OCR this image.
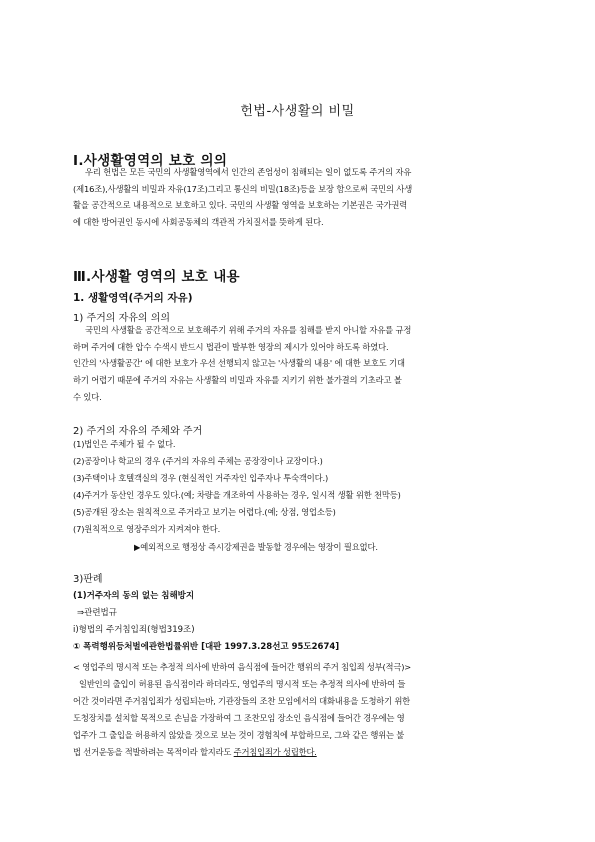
헌법-사생활의 비밀
Ⅰ.사생활영역의 보호 의의
우리 헌법은 모든 국민의 사생활영역에서 인간의 존엄성이 침해되는 일이 없도록 주거의 자유
(제16조),사생활의 비밀과 자유(17조)그리고 통신의 비밀(18조)등을 보장 함으로써 국민의 사생
활을 공간적으로 내용적으로 보호하고 있다. 국민의 사생활 영역을 보호하는 기본권은 국가권력
에 대한 방어권인 동시에 사회공동체의 객관적 가치질서를 뜻하게 된다.
Ⅲ.사생활 영역의 보호 내용
1. 생활영역(주거의 자유)
1) 주거의 자유의 의의
국민의 사생활을 공간적으로 보호해주기 위해 주거의 자유를 침해를 받지 아니할 자유를 규정
하며 주거에 대한 압수 수색시 반드시 법관이 발부한 영장의 제시가 있어야 하도록 하였다.
인간의 '사생활공간' 에 대한 보호가 우선 선행되지 않고는 '사생활의 내용' 에 대한 보호도 기대
하기 어렵기 때문에 주거의 자유는 사생활의 비밀과 자유를 지키기 위한 불가결의 기초라고 볼
수 있다.
2) 주거의 자유의 주체와 주거
(1)법인은 주체가 될 수 없다.
(2)공장이나 학교의 경우 (주거의 자유의 주체는 공장장이나 교장이다.)
(3)주택이나 호텔객실의 경우 (현실적인 거주자인 입주자나 투숙객이다.)
(4)주거가 동산인 경우도 있다.(예; 차량을 개조하여 사용하는 경우, 일시적 생활 위한 천막등)
(5)공개된 장소는 원칙적으로 주거라고 보기는 어렵다.(예; 상점, 영업소등)
(7)원칙적으로 영장주의가 지켜져야 한다.
▶예외적으로 행정상 즉시강제권을 발동할 경우에는 영장이 필요없다.
3)판례
(1)거주자의 동의 없는 침해방지
⇒관련법규
ⅰ)형법의 주거침입죄(형법319조)
① 폭력행위등처벌에관한법률위반 [대판 1997.3.28선고 95도2674]
< 영업주의 명시적 또는 추정적 의사에 반하여 음식점에 들어간 행위의 주거 침입죄 성부(적극)>
일반인의 출입이 허용된 음식점이라 하더라도, 영업주의 명시적 또는 추정적 의사에 반하여 들
어간 것이라면 주거침입죄가 성립되는바, 기관장들의 조찬 모임에서의 대화내용을 도청하기 위한
도청장치를 설치할 목적으로 손님을 가장하여 그 조찬모임 장소인 음식점에 들어간 경우에는 영
업주가 그 출입을 허용하지 않았을 것으로 보는 것이 경험칙에 부합하므로, 그와 같은 행위는 불
법 선거운동을 적발하려는 목적이라 할지라도 주거침입죄가 성립한다.
